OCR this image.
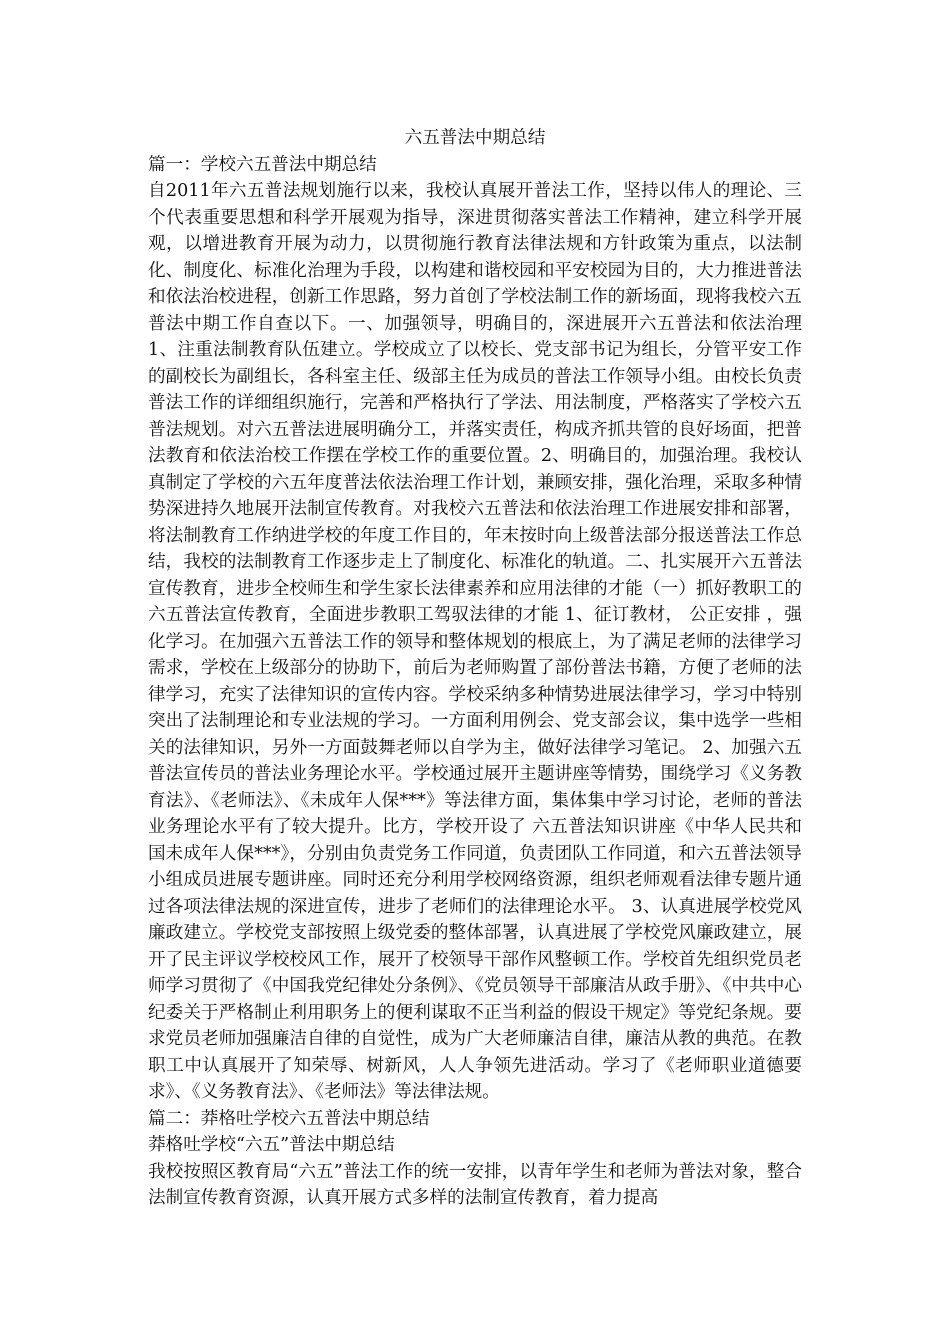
六五普法中期总结

篇一：学校六五普法中期总结

自2011年六五普法规划施行以来，我校认真展开普法工作，坚持以伟人的理论、三个代表重要思想和科学开展观为指导，深进贯彻落实普法工作精神，建立科学开展观，以增进教育开展为动力，以贯彻施行教育法律法规和方针政策为重点，以法制化、制度化、标准化治理为手段，以构建和谐校园和平安校园为目的，大力推进普法和依法治校进程，创新工作思路，努力首创了学校法制工作的新场面，现将我校六五普法中期工作自查以下。一、加强领导，明确目的，深进展开六五普法和依法治理1、注重法制教育队伍建立。学校成立了以校长、党支部书记为组长，分管平安工作的副校长为副组长，各科室主任、级部主任为成员的普法工作领导小组。由校长负责普法工作的详细组织施行，完善和严格执行了学法、用法制度，严格落实了学校六五普法规划。对六五普法进展明确分工，并落实责任，构成齐抓共管的良好场面，把普法教育和依法治校工作摆在学校工作的重要位置。2、明确目的，加强治理。我校认真制定了学校的六五年度普法依法治理工作计划，兼顾安排，强化治理，采取多种情势深进持久地展开法制宣传教育。对我校六五普法和依法治理工作进展安排和部署，将法制教育工作纳进学校的年度工作目的，年末按时向上级普法部分报送普法工作总结，我校的法制教育工作逐步走上了制度化、标准化的轨道。二、扎实展开六五普法宣传教育，进步全校师生和学生家长法律素养和应用法律的才能（一）抓好教职工的六五普法宣传教育，全面进步教职工驾驭法律的才能 1、征订教材， 公正安排 ，强化学习。在加强六五普法工作的领导和整体规划的根底上，为了满足老师的法律学习需求，学校在上级部分的协助下，前后为老师购置了部份普法书籍，方便了老师的法律学习，充实了法律知识的宣传内容。学校采纳多种情势进展法律学习，学习中特别突出了法制理论和专业法规的学习。一方面利用例会、党支部会议，集中选学一些相关的法律知识，另外一方面鼓舞老师以自学为主，做好法律学习笔记。 2、加强六五普法宣传员的普法业务理论水平。学校通过展开主题讲座等情势，围绕学习《义务教育法》、《老师法》、《未成年人保***》等法律方面，集体集中学习讨论，老师的普法业务理论水平有了较大提升。比方，学校开设了 六五普法知识讲座《中华人民共和国未成年人保***》，分别由负责党务工作同道，负责团队工作同道，和六五普法领导小组成员进展专题讲座。同时还充分利用学校网络资源，组织老师观看法律专题片通过各项法律法规的深进宣传，进步了老师们的法律理论水平。 3、认真进展学校党风廉政建立。学校党支部按照上级党委的整体部署，认真进展了学校党风廉政建立，展开了民主评议学校校风工作，展开了校领导干部作风整顿工作。学校首先组织党员老师学习贯彻了《中国我党纪律处分条例》、《党员领导干部廉洁从政手册》、《中共中心纪委关于严格制止利用职务上的便利谋取不正当利益的假设干规定》等党纪条规。要求党员老师加强廉洁自律的自觉性，成为广大老师廉洁自律，廉洁从教的典范。在教职工中认真展开了知荣辱、树新风，人人争领先进活动。学习了《老师职业道德要求》、《义务教育法》、《老师法》等法律法规。

篇二：莽格吐学校六五普法中期总结

莽格吐学校“六五”普法中期总结

我校按照区教育局“六五”普法工作的统一安排，以青年学生和老师为普法对象，整合法制宣传教育资源，认真开展方式多样的法制宣传教育，着力提高
